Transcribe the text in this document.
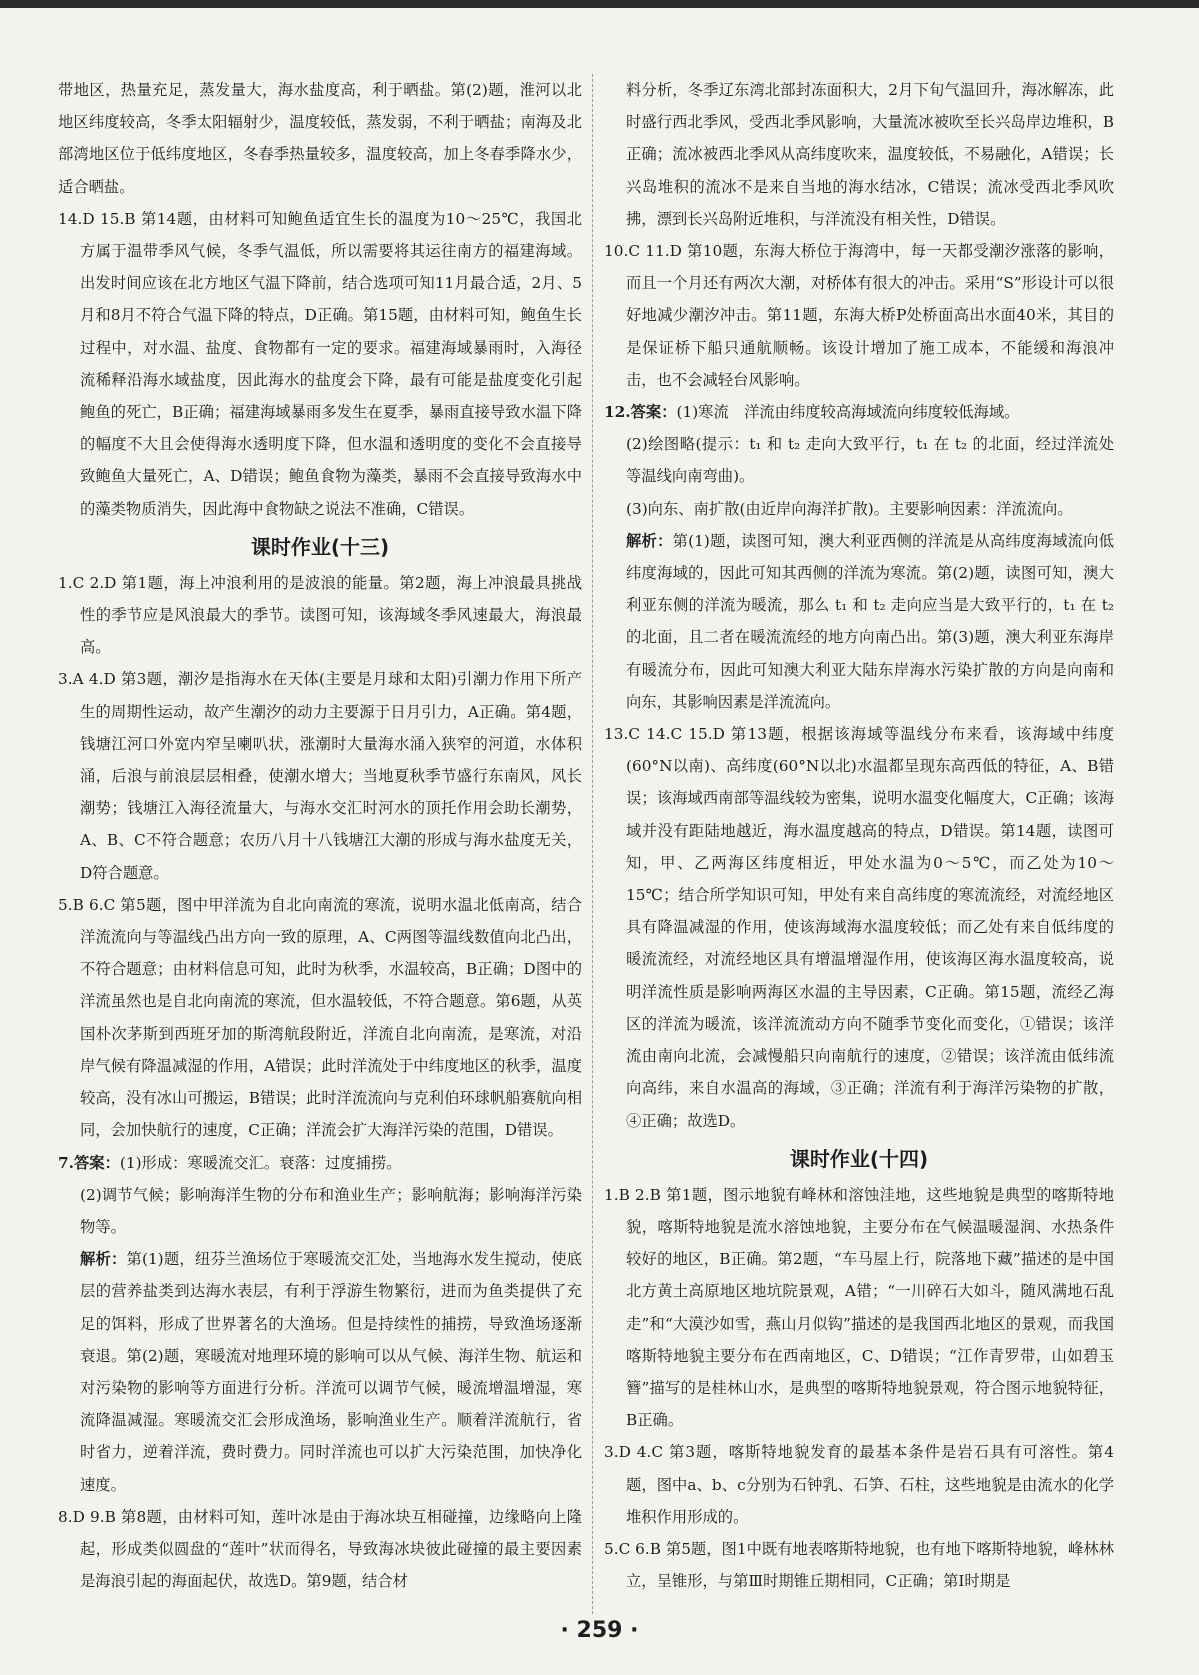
带地区，热量充足，蒸发量大，海水盐度高，利于晒盐。第(2)题，淮河以北地区纬度较高，冬季太阳辐射少，温度较低，蒸发弱，不利于晒盐；南海及北部湾地区位于低纬度地区，冬春季热量较多，温度较高，加上冬春季降水少，适合晒盐。

14.D 15.B 第14题，由材料可知鲍鱼适宜生长的温度为10～25℃，我国北方属于温带季风气候，冬季气温低，所以需要将其运往南方的福建海域。出发时间应该在北方地区气温下降前，结合选项可知11月最合适，2月、5月和8月不符合气温下降的特点，D正确。第15题，由材料可知，鲍鱼生长过程中，对水温、盐度、食物都有一定的要求。福建海域暴雨时，入海径流稀释沿海水域盐度，因此海水的盐度会下降，最有可能是盐度变化引起鲍鱼的死亡，B正确；福建海域暴雨多发生在夏季，暴雨直接导致水温下降的幅度不大且会使得海水透明度下降，但水温和透明度的变化不会直接导致鲍鱼大量死亡，A、D错误；鲍鱼食物为藻类，暴雨不会直接导致海水中的藻类物质消失，因此海中食物缺之说法不准确，C错误。

课时作业(十三)

1.C 2.D 第1题，海上冲浪利用的是波浪的能量。第2题，海上冲浪最具挑战性的季节应是风浪最大的季节。读图可知，该海域冬季风速最大，海浪最高。

3.A 4.D 第3题，潮汐是指海水在天体(主要是月球和太阳)引潮力作用下所产生的周期性运动，故产生潮汐的动力主要源于日月引力，A正确。第4题，钱塘江河口外宽内窄呈喇叭状，涨潮时大量海水涌入狭窄的河道，水体积涌，后浪与前浪层层相叠，使潮水增大；当地夏秋季节盛行东南风，风长潮势；钱塘江入海径流量大，与海水交汇时河水的顶托作用会助长潮势，A、B、C不符合题意；农历八月十八钱塘江大潮的形成与海水盐度无关，D符合题意。

5.B 6.C 第5题，图中甲洋流为自北向南流的寒流，说明水温北低南高，结合洋流流向与等温线凸出方向一致的原理，A、C两图等温线数值向北凸出，不符合题意；由材料信息可知，此时为秋季，水温较高，B正确；D图中的洋流虽然也是自北向南流的寒流，但水温较低，不符合题意。第6题，从英国朴次茅斯到西班牙加的斯湾航段附近，洋流自北向南流，是寒流，对沿岸气候有降温减湿的作用，A错误；此时洋流处于中纬度地区的秋季，温度较高，没有冰山可搬运，B错误；此时洋流流向与克利伯环球帆船赛航向相同，会加快航行的速度，C正确；洋流会扩大海洋污染的范围，D错误。

7.答案：(1)形成：寒暖流交汇。衰落：过度捕捞。

(2)调节气候；影响海洋生物的分布和渔业生产；影响航海；影响海洋污染物等。

解析：第(1)题，纽芬兰渔场位于寒暖流交汇处，当地海水发生搅动，使底层的营养盐类到达海水表层，有利于浮游生物繁衍，进而为鱼类提供了充足的饵料，形成了世界著名的大渔场。但是持续性的捕捞，导致渔场逐渐衰退。第(2)题，寒暖流对地理环境的影响可以从气候、海洋生物、航运和对污染物的影响等方面进行分析。洋流可以调节气候，暖流增温增湿，寒流降温减湿。寒暖流交汇会形成渔场，影响渔业生产。顺着洋流航行，省时省力，逆着洋流，费时费力。同时洋流也可以扩大污染范围，加快净化速度。

8.D 9.B 第8题，由材料可知，莲叶冰是由于海冰块互相碰撞，边缘略向上隆起，形成类似圆盘的“莲叶”状而得名，导致海冰块彼此碰撞的最主要因素是海浪引起的海面起伏，故选D。第9题，结合材

料分析，冬季辽东湾北部封冻面积大，2月下旬气温回升，海冰解冻，此时盛行西北季风，受西北季风影响，大量流冰被吹至长兴岛岸边堆积，B正确；流冰被西北季风从高纬度吹来，温度较低，不易融化，A错误；长兴岛堆积的流冰不是来自当地的海水结冰，C错误；流冰受西北季风吹拂，漂到长兴岛附近堆积，与洋流没有相关性，D错误。

10.C 11.D 第10题，东海大桥位于海湾中，每一天都受潮汐涨落的影响，而且一个月还有两次大潮，对桥体有很大的冲击。采用“S”形设计可以很好地减少潮汐冲击。第11题，东海大桥P处桥面高出水面40米，其目的是保证桥下船只通航顺畅。该设计增加了施工成本，不能缓和海浪冲击，也不会减轻台风影响。

12.答案：(1)寒流　洋流由纬度较高海域流向纬度较低海域。

(2)绘图略(提示：t₁ 和 t₂ 走向大致平行，t₁ 在 t₂ 的北面，经过洋流处等温线向南弯曲)。

(3)向东、南扩散(由近岸向海洋扩散)。主要影响因素：洋流流向。

解析：第(1)题，读图可知，澳大利亚西侧的洋流是从高纬度海域流向低纬度海域的，因此可知其西侧的洋流为寒流。第(2)题，读图可知，澳大利亚东侧的洋流为暖流，那么 t₁ 和 t₂ 走向应当是大致平行的，t₁ 在 t₂ 的北面，且二者在暖流流经的地方向南凸出。第(3)题，澳大利亚东海岸有暖流分布，因此可知澳大利亚大陆东岸海水污染扩散的方向是向南和向东，其影响因素是洋流流向。

13.C 14.C 15.D 第13题，根据该海域等温线分布来看，该海域中纬度(60°N以南)、高纬度(60°N以北)水温都呈现东高西低的特征，A、B错误；该海域西南部等温线较为密集，说明水温变化幅度大，C正确；该海域并没有距陆地越近，海水温度越高的特点，D错误。第14题，读图可知，甲、乙两海区纬度相近，甲处水温为0～5℃，而乙处为10～15℃；结合所学知识可知，甲处有来自高纬度的寒流流经，对流经地区具有降温减湿的作用，使该海域海水温度较低；而乙处有来自低纬度的暖流流经，对流经地区具有增温增湿作用，使该海区海水温度较高，说明洋流性质是影响两海区水温的主导因素，C正确。第15题，流经乙海区的洋流为暖流，该洋流流动方向不随季节变化而变化，①错误；该洋流由南向北流，会减慢船只向南航行的速度，②错误；该洋流由低纬流向高纬，来自水温高的海域，③正确；洋流有利于海洋污染物的扩散，④正确；故选D。

课时作业(十四)

1.B 2.B 第1题，图示地貌有峰林和溶蚀洼地，这些地貌是典型的喀斯特地貌，喀斯特地貌是流水溶蚀地貌，主要分布在气候温暖湿润、水热条件较好的地区，B正确。第2题，“车马屋上行，院落地下藏”描述的是中国北方黄土高原地区地坑院景观，A错；“一川碎石大如斗，随风满地石乱走”和“大漠沙如雪，燕山月似钩”描述的是我国西北地区的景观，而我国喀斯特地貌主要分布在西南地区，C、D错误；“江作青罗带，山如碧玉簪”描写的是桂林山水，是典型的喀斯特地貌景观，符合图示地貌特征，B正确。

3.D 4.C 第3题，喀斯特地貌发育的最基本条件是岩石具有可溶性。第4题，图中a、b、c分别为石钟乳、石笋、石柱，这些地貌是由流水的化学堆积作用形成的。

5.C 6.B 第5题，图1中既有地表喀斯特地貌，也有地下喀斯特地貌，峰林林立，呈锥形，与第Ⅲ时期锥丘期相同，C正确；第Ⅰ时期是

· 259 ·
